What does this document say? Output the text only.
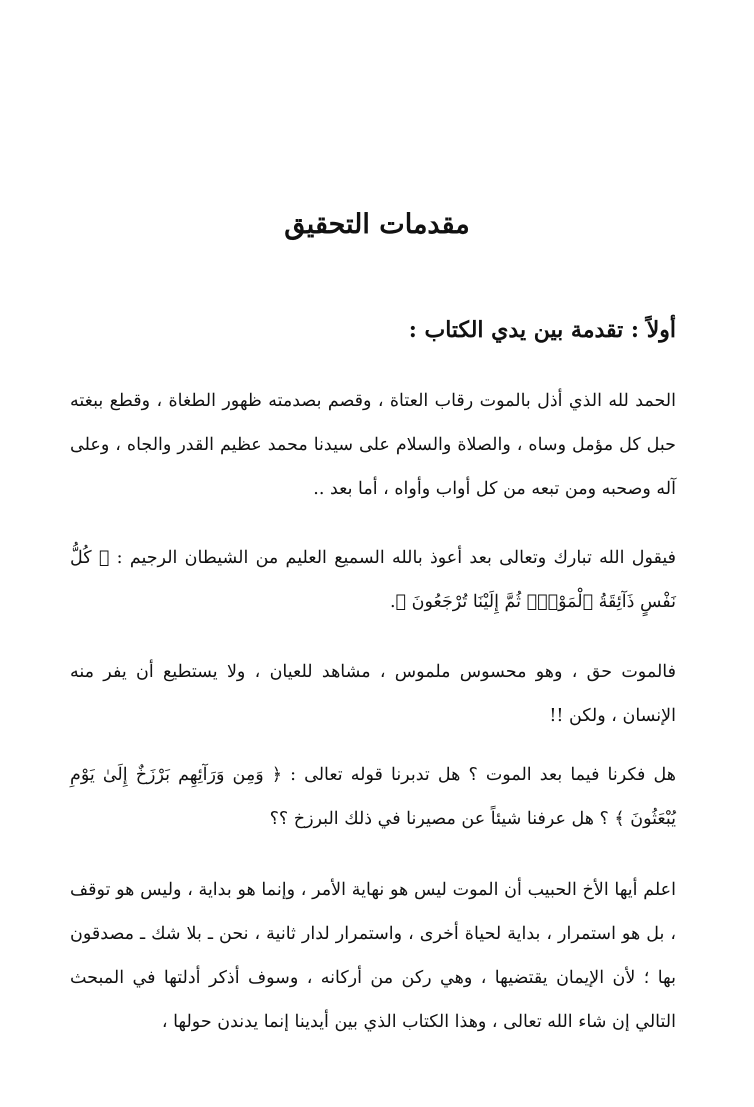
مقدمات التحقيق
أولاً : تقدمة بين يدي الكتاب :
الحمد لله الذي أذل بالموت رقاب العتاة ، وقصم بصدمته ظهور الطغاة ، وقطع ببغته حبل كل مؤمل وساه ، والصلاة والسلام على سيدنا محمد عظيم القدر والجاه ، وعلى آله وصحبه ومن تبعه من كل أواب وأواه ، أما بعد ..
فيقول الله تبارك وتعالى بعد أعوذ بالله السميع العليم من الشيطان الرجيم : ﴿ كُلُّ نَفْسٍ ذَآئِقَةُ ٱلْمَوْتِۖ ثُمَّ إِلَيْنَا تُرْجَعُونَ ﴾.
فالموت حق ، وهو محسوس ملموس ، مشاهد للعيان ، ولا يستطيع أن يفر منه الإنسان ، ولكن !!
هل فكرنا فيما بعد الموت ؟ هل تدبرنا قوله تعالى : ﴿ وَمِن وَرَآئِهِم بَرْزَخٌ إِلَىٰ يَوْمِ يُبْعَثُونَ ﴾ ؟ هل عرفنا شيئاً عن مصيرنا في ذلك البرزخ ؟؟
اعلم أيها الأخ الحبيب أن الموت ليس هو نهاية الأمر ، وإنما هو بداية ، وليس هو توقف ، بل هو استمرار ، بداية لحياة أخرى ، واستمرار لدار ثانية ، نحن ـ بلا شك ـ مصدقون بها ؛ لأن الإيمان يقتضيها ، وهي ركن من أركانه ، وسوف أذكر أدلتها في المبحث التالي إن شاء الله تعالى ، وهذا الكتاب الذي بين أيدينا إنما يدندن حولها ،
